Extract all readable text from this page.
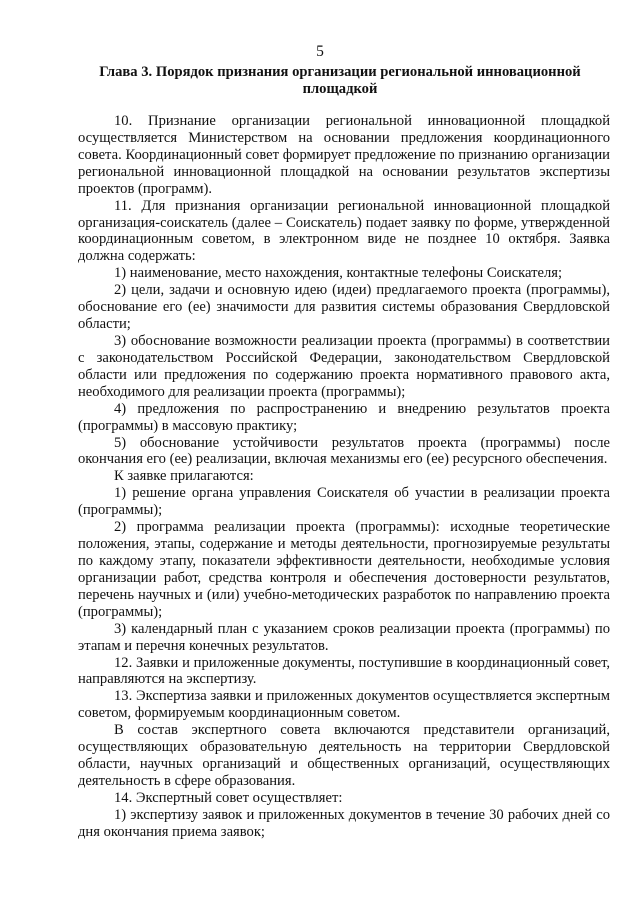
5
Глава 3. Порядок признания организации региональной инновационной площадкой

10. Признание организации региональной инновационной площадкой осуществляется Министерством на основании предложения координационного совета. Координационный совет формирует предложение по признанию организации региональной инновационной площадкой на основании результатов экспертизы проектов (программ).

11. Для признания организации региональной инновационной площадкой организация-соискатель (далее – Соискатель) подает заявку по форме, утвержденной координационным советом, в электронном виде не позднее 10 октября. Заявка должна содержать:

1) наименование, место нахождения, контактные телефоны Соискателя;

2) цели, задачи и основную идею (идеи) предлагаемого проекта (программы), обоснование его (ее) значимости для развития системы образования Свердловской области;

3) обоснование возможности реализации проекта (программы) в соответствии с законодательством Российской Федерации, законодательством Свердловской области или предложения по содержанию проекта нормативного правового акта, необходимого для реализации проекта (программы);

4) предложения по распространению и внедрению результатов проекта (программы) в массовую практику;

5) обоснование устойчивости результатов проекта (программы) после окончания его (ее) реализации, включая механизмы его (ее) ресурсного обеспечения.

К заявке прилагаются:

1) решение органа управления Соискателя об участии в реализации проекта (программы);

2) программа реализации проекта (программы): исходные теоретические положения, этапы, содержание и методы деятельности, прогнозируемые результаты по каждому этапу, показатели эффективности деятельности, необходимые условия организации работ, средства контроля и обеспечения достоверности результатов, перечень научных и (или) учебно-методических разработок по направлению проекта (программы);

3) календарный план с указанием сроков реализации проекта (программы) по этапам и перечня конечных результатов.

12. Заявки и приложенные документы, поступившие в координационный совет, направляются на экспертизу.

13. Экспертиза заявки и приложенных документов осуществляется экспертным советом, формируемым координационным советом.

В состав экспертного совета включаются представители организаций, осуществляющих образовательную деятельность на территории Свердловской области, научных организаций и общественных организаций, осуществляющих деятельность в сфере образования.

14. Экспертный совет осуществляет:

1) экспертизу заявок и приложенных документов в течение 30 рабочих дней со дня окончания приема заявок;
